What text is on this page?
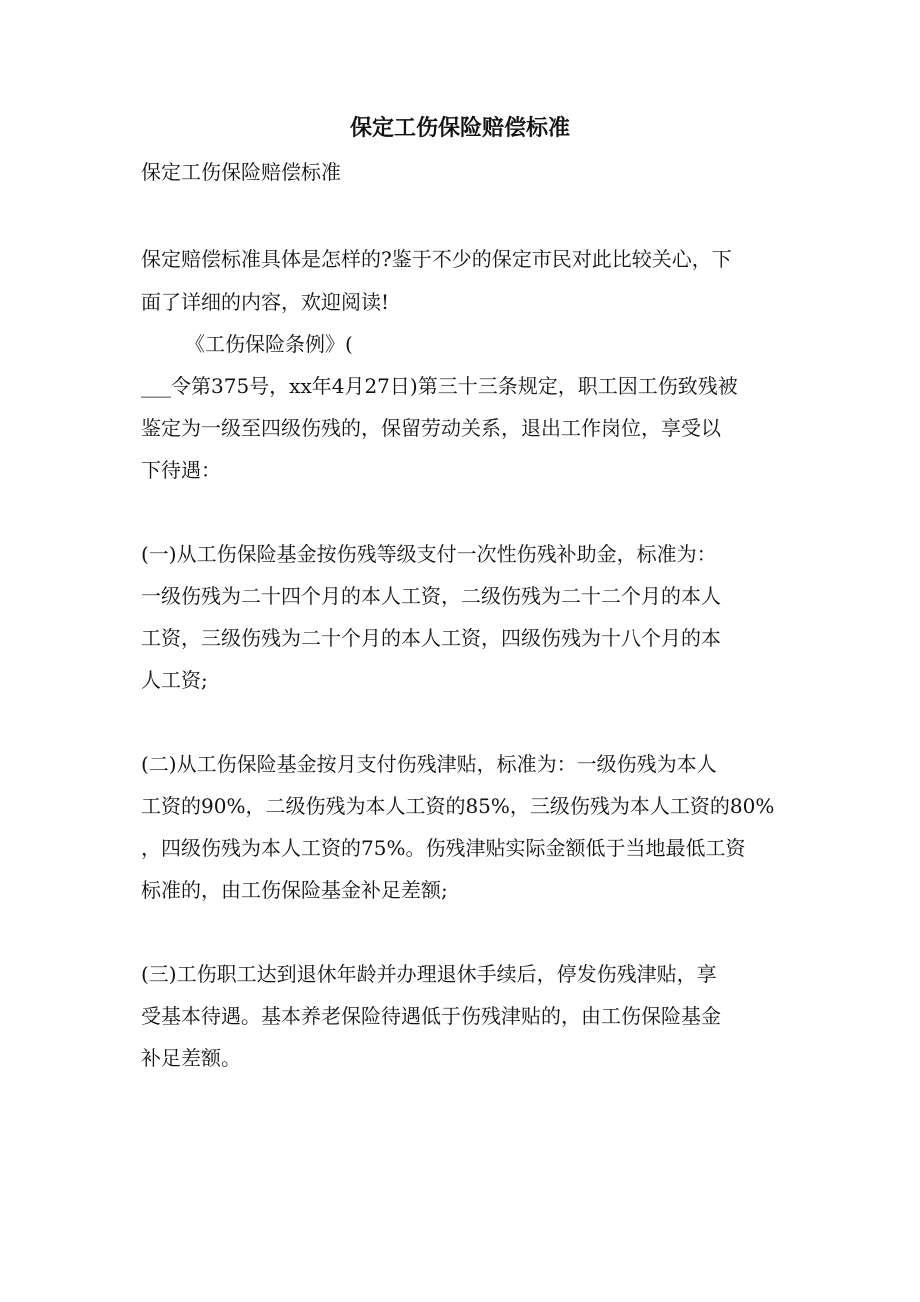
保定工伤保险赔偿标准
保定工伤保险赔偿标准
保定赔偿标准具体是怎样的?鉴于不少的保定市民对此比较关心，下
面了详细的内容，欢迎阅读!
《工伤保险条例》(
___令第375号，xx年4月27日)第三十三条规定，职工因工伤致残被
鉴定为一级至四级伤残的，保留劳动关系，退出工作岗位，享受以
下待遇：
(一)从工伤保险基金按伤残等级支付一次性伤残补助金，标准为：
一级伤残为二十四个月的本人工资，二级伤残为二十二个月的本人
工资，三级伤残为二十个月的本人工资，四级伤残为十八个月的本
人工资;
(二)从工伤保险基金按月支付伤残津贴，标准为：一级伤残为本人
工资的90%，二级伤残为本人工资的85%，三级伤残为本人工资的80%
，四级伤残为本人工资的75%。伤残津贴实际金额低于当地最低工资
标准的，由工伤保险基金补足差额;
(三)工伤职工达到退休年龄并办理退休手续后，停发伤残津贴，享
受基本待遇。基本养老保险待遇低于伤残津贴的，由工伤保险基金
补足差额。
